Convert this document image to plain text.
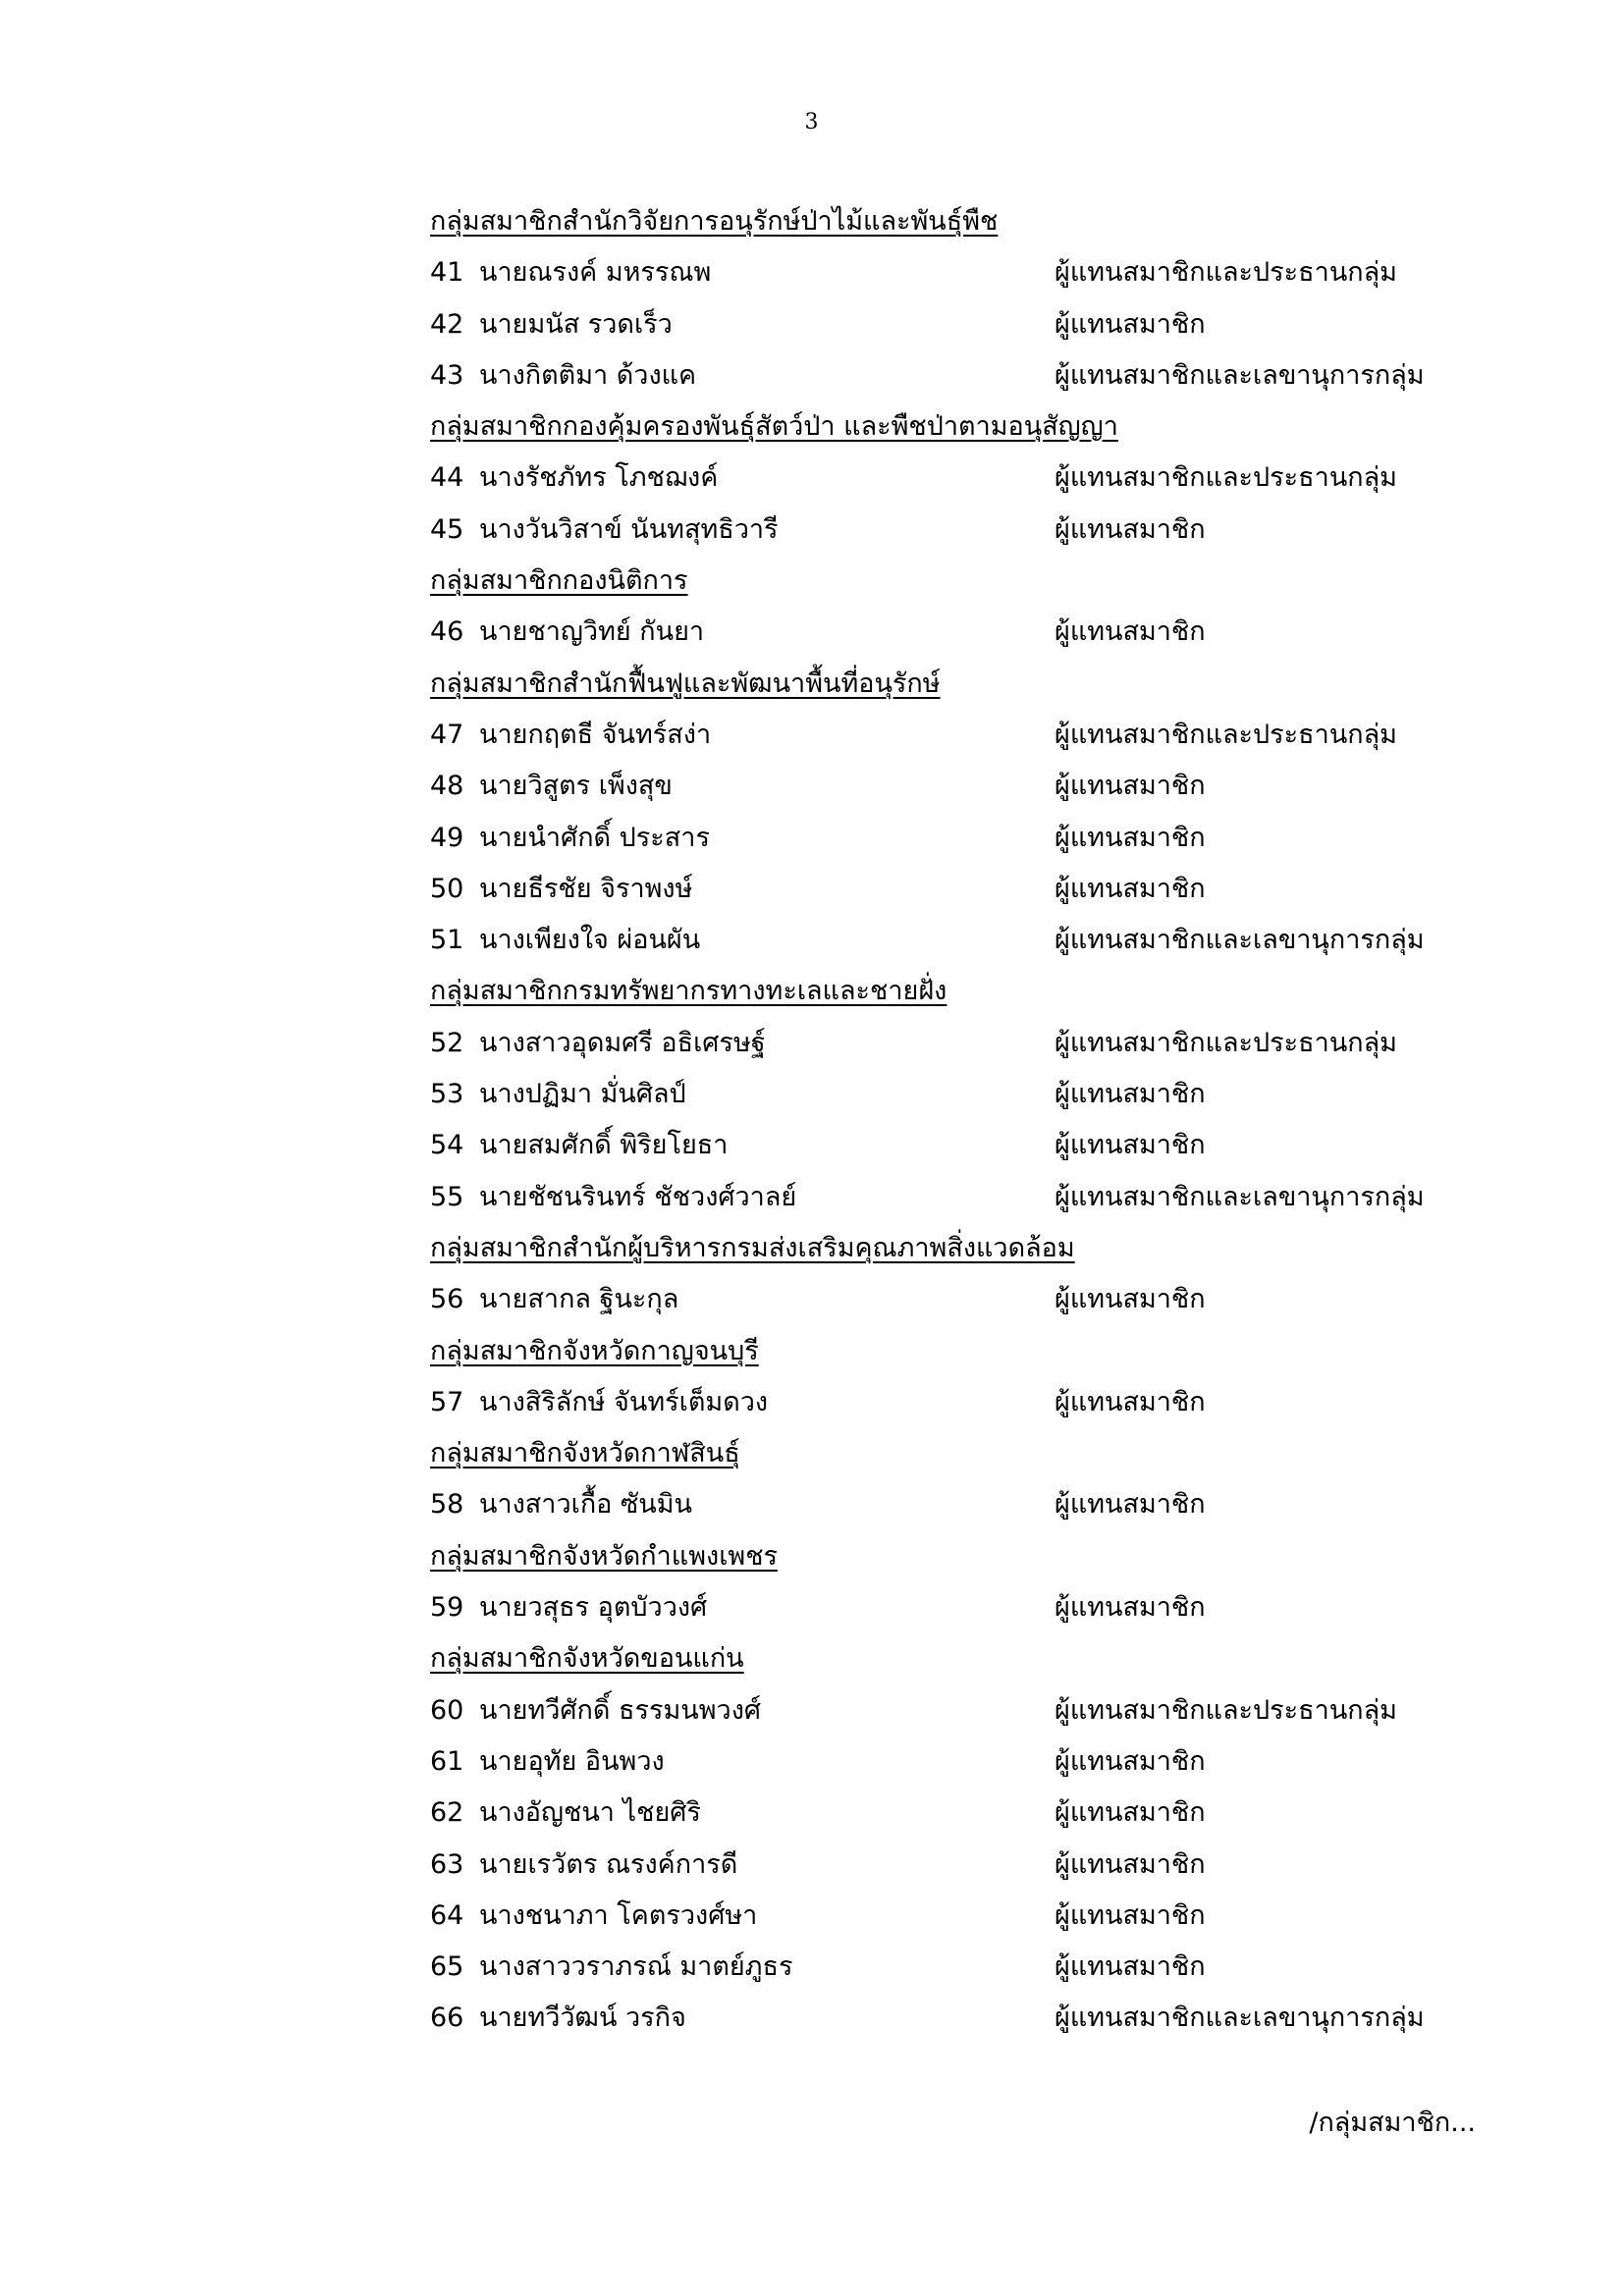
3
กลุ่มสมาชิกสำนักวิจัยการอนุรักษ์ป่าไม้และพันธุ์พืช
41 นายณรงค์ มหรรณพ	ผู้แทนสมาชิกและประธานกลุ่ม
42 นายมนัส รวดเร็ว	ผู้แทนสมาชิก
43 นางกิตติมา ด้วงแค	ผู้แทนสมาชิกและเลขานุการกลุ่ม
กลุ่มสมาชิกกองคุ้มครองพันธุ์สัตว์ป่า และพืชป่าตามอนุสัญญา
44 นางรัชภัทร โภชฌงค์	ผู้แทนสมาชิกและประธานกลุ่ม
45 นางวันวิสาข์ นันทสุทธิวารี	ผู้แทนสมาชิก
กลุ่มสมาชิกกองนิติการ
46 นายชาญวิทย์ กันยา	ผู้แทนสมาชิก
กลุ่มสมาชิกสำนักฟื้นฟูและพัฒนาพื้นที่อนุรักษ์
47 นายกฤตธี จันทร์สง่า	ผู้แทนสมาชิกและประธานกลุ่ม
48 นายวิสูตร เพ็งสุข	ผู้แทนสมาชิก
49 นายนำศักดิ์ ประสาร	ผู้แทนสมาชิก
50 นายธีรชัย จิราพงษ์	ผู้แทนสมาชิก
51 นางเพียงใจ ผ่อนผัน	ผู้แทนสมาชิกและเลขานุการกลุ่ม
กลุ่มสมาชิกกรมทรัพยากรทางทะเลและชายฝั่ง
52 นางสาวอุดมศรี อธิเศรษฐ์	ผู้แทนสมาชิกและประธานกลุ่ม
53 นางปฏิมา มั่นศิลป์	ผู้แทนสมาชิก
54 นายสมศักดิ์ พิริยโยธา	ผู้แทนสมาชิก
55 นายชัชนรินทร์ ชัชวงศ์วาลย์	ผู้แทนสมาชิกและเลขานุการกลุ่ม
กลุ่มสมาชิกสำนักผู้บริหารกรมส่งเสริมคุณภาพสิ่งแวดล้อม
56 นายสากล ฐินะกุล	ผู้แทนสมาชิก
กลุ่มสมาชิกจังหวัดกาญจนบุรี
57 นางสิริลักษ์ จันทร์เต็มดวง	ผู้แทนสมาชิก
กลุ่มสมาชิกจังหวัดกาฬสินธุ์
58 นางสาวเกื้อ ซันมิน	ผู้แทนสมาชิก
กลุ่มสมาชิกจังหวัดกำแพงเพชร
59 นายวสุธร อุตบัววงศ์	ผู้แทนสมาชิก
กลุ่มสมาชิกจังหวัดขอนแก่น
60 นายทวีศักดิ์ ธรรมนพวงศ์	ผู้แทนสมาชิกและประธานกลุ่ม
61 นายอุทัย อินพวง	ผู้แทนสมาชิก
62 นางอัญชนา ไชยศิริ	ผู้แทนสมาชิก
63 นายเรวัตร ณรงค์การดี	ผู้แทนสมาชิก
64 นางชนาภา โคตรวงศ์ษา	ผู้แทนสมาชิก
65 นางสาววราภรณ์ มาตย์ภูธร	ผู้แทนสมาชิก
66 นายทวีวัฒน์ วรกิจ	ผู้แทนสมาชิกและเลขานุการกลุ่ม
/กลุ่มสมาชิก...
